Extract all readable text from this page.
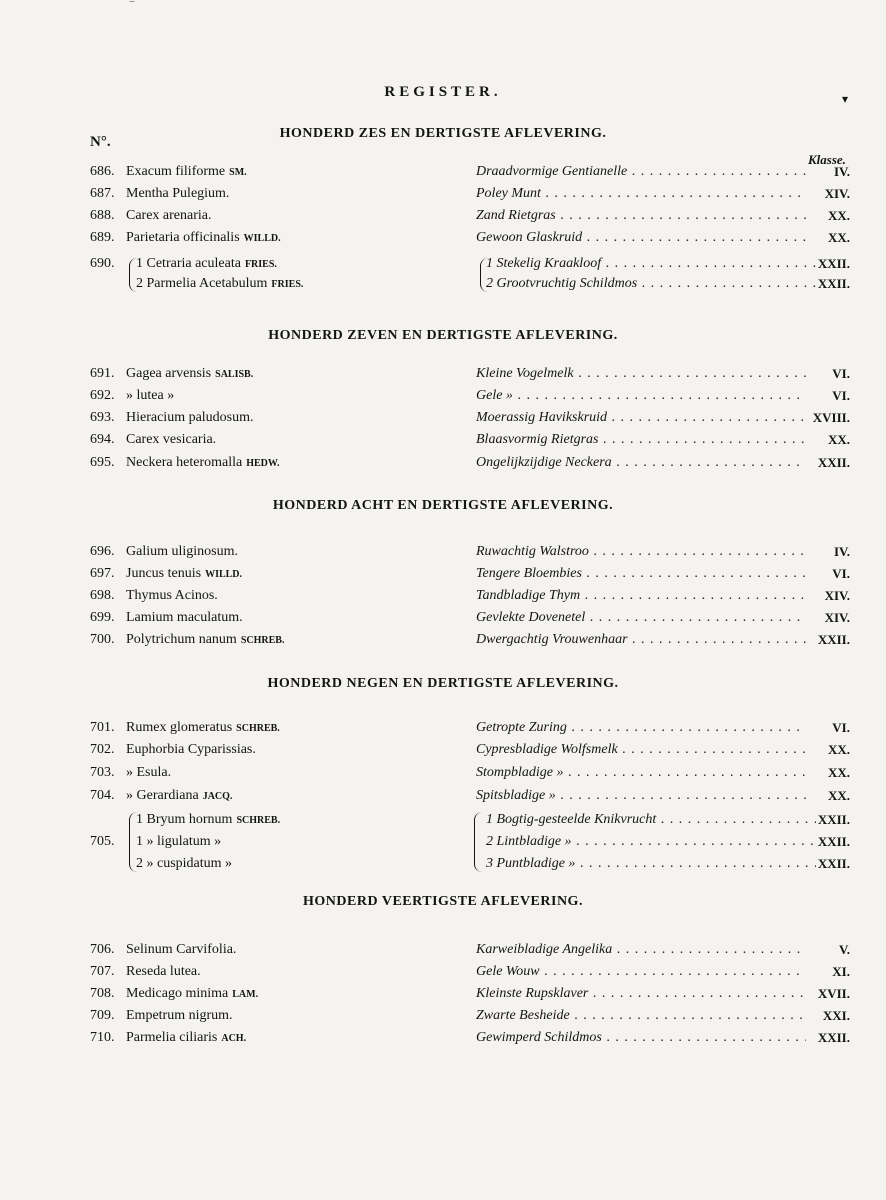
‾
REGISTER.	▾
N°.
Klasse.
HONDERD ZES EN DERTIGSTE AFLEVERING.
686. Exacum filiforme SM.	Draadvormige Gentianelle . . .	IV.
687. Mentha Pulegium.	Poley Munt . . .	XIV.
688. Carex arenaria.	Zand Rietgras . . .	XX.
689. Parietaria officinalis WILLD.	Gewoon Glaskruid . . .	XX.
690.	1 Cetraria aculeata FRIES.	1 Stekelig Kraakloof . . .	XXII.
2 Parmelia Acetabulum FRIES.	2 Grootvruchtig Schildmos . . .	XXII.
HONDERD ZEVEN EN DERTIGSTE AFLEVERING.
691. Gagea arvensis SALISB.	Kleine Vogelmelk . . .	VI.
692. » lutea »	Gele » . . .	VI.
693. Hieracium paludosum.	Moerassig Havikskruid . . .	XVIII.
694. Carex vesicaria.	Blaasvormig Rietgras . . .	XX.
695. Neckera heteromalla HEDW.	Ongelijkzijdige Neckera . . .	XXII.
HONDERD ACHT EN DERTIGSTE AFLEVERING.
696. Galium uliginosum.	Ruwachtig Walstroo . . .	IV.
697. Juncus tenuis WILLD.	Tengere Bloembies . . .	VI.
698. Thymus Acinos.	Tandbladige Thym . . .	XIV.
699. Lamium maculatum.	Gevlekte Dovenetel . . .	XIV.
700. Polytrichum nanum SCHREB.	Dwergachtig Vrouwenhaar . . .	XXII.
HONDERD NEGEN EN DERTIGSTE AFLEVERING.
701. Rumex glomeratus SCHREB.	Getropte Zuring . . .	VI.
702. Euphorbia Cyparissias.	Cypresbladige Wolfsmelk . . .	XX.
703. » Esula.	Stompbladige » . . .	XX.
704. » Gerardiana JACQ.	Spitsbladige » . . .	XX.
1 Bryum hornum SCHREB.	1 Bogtig-gesteelde Knikvrucht . . .	XXII.
705.	1 » ligulatum »	2 Lintbladige » . . .	XXII.
2 » cuspidatum »	3 Puntbladige » . . .	XXII.
HONDERD VEERTIGSTE AFLEVERING.
706. Selinum Carvifolia.	Karweibladige Angelika . . .	V.
707. Reseda lutea.	Gele Wouw . . .	XI.
708. Medicago minima LAM.	Kleinste Rupsklaver . . .	XVII.
709. Empetrum nigrum.	Zwarte Besheide . . .	XXI.
710. Parmelia ciliaris ACH.	Gewimperd Schildmos . . .	XXII.
